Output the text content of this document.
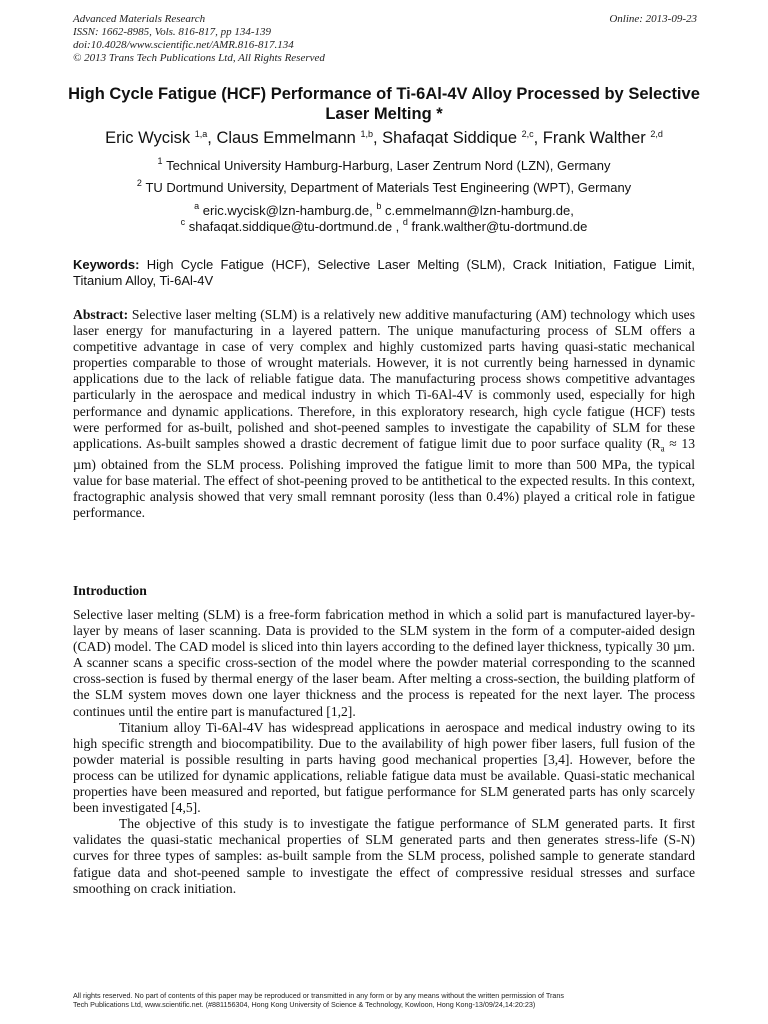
Advanced Materials Research
ISSN: 1662-8985, Vols. 816-817, pp 134-139
doi:10.4028/www.scientific.net/AMR.816-817.134
© 2013 Trans Tech Publications Ltd, All Rights Reserved
Online: 2013-09-23
High Cycle Fatigue (HCF) Performance of Ti-6Al-4V Alloy Processed by Selective Laser Melting *
Eric Wycisk $^{1,a}$, Claus Emmelmann $^{1,b}$, Shafaqat Siddique $^{2,c}$, Frank Walther $^{2,d}$
$^1$ Technical University Hamburg-Harburg, Laser Zentrum Nord (LZN), Germany
$^2$ TU Dortmund University, Department of Materials Test Engineering (WPT), Germany
$^a$ eric.wycisk@lzn-hamburg.de, $^b$ c.emmelmann@lzn-hamburg.de,
$^c$ shafaqat.siddique@tu-dortmund.de , $^d$ frank.walther@tu-dortmund.de
Keywords: High Cycle Fatigue (HCF), Selective Laser Melting (SLM), Crack Initiation, Fatigue Limit, Titanium Alloy, Ti-6Al-4V
Abstract: Selective laser melting (SLM) is a relatively new additive manufacturing (AM) technology which uses laser energy for manufacturing in a layered pattern. The unique manufacturing process of SLM offers a competitive advantage in case of very complex and highly customized parts having quasi-static mechanical properties comparable to those of wrought materials. However, it is not currently being harnessed in dynamic applications due to the lack of reliable fatigue data. The manufacturing process shows competitive advantages particularly in the aerospace and medical industry in which Ti-6Al-4V is commonly used, especially for high performance and dynamic applications. Therefore, in this exploratory research, high cycle fatigue (HCF) tests were performed for as-built, polished and shot-peened samples to investigate the capability of SLM for these applications. As-built samples showed a drastic decrement of fatigue limit due to poor surface quality ($R_a \approx 13$ µm) obtained from the SLM process. Polishing improved the fatigue limit to more than 500 MPa, the typical value for base material. The effect of shot-peening proved to be antithetical to the expected results. In this context, fractographic analysis showed that very small remnant porosity (less than 0.4%) played a critical role in fatigue performance.
Introduction

Selective laser melting (SLM) is a free-form fabrication method in which a solid part is manufactured layer-by-layer by means of laser scanning. Data is provided to the SLM system in the form of a computer-aided design (CAD) model. The CAD model is sliced into thin layers according to the defined layer thickness, typically 30 µm. A scanner scans a specific cross-section of the model where the powder material corresponding to the scanned cross-section is fused by thermal energy of the laser beam. After melting a cross-section, the building platform of the SLM system moves down one layer thickness and the process is repeated for the next layer. The process continues until the entire part is manufactured [1,2].

Titanium alloy Ti-6Al-4V has widespread applications in aerospace and medical industry owing to its high specific strength and biocompatibility. Due to the availability of high power fiber lasers, full fusion of the powder material is possible resulting in parts having good mechanical properties [3,4]. However, before the process can be utilized for dynamic applications, reliable fatigue data must be available. Quasi-static mechanical properties have been measured and reported, but fatigue performance for SLM generated parts has only scarcely been investigated [4,5].

The objective of this study is to investigate the fatigue performance of SLM generated parts. It first validates the quasi-static mechanical properties of SLM generated parts and then generates stress-life (S-N) curves for three types of samples: as-built sample from the SLM process, polished sample to generate standard fatigue data and shot-peened sample to investigate the effect of compressive residual stresses and surface smoothing on crack initiation.

All rights reserved. No part of contents of this paper may be reproduced or transmitted in any form or by any means without the written permission of Trans
Tech Publications Ltd, www.scientific.net. (#881156304, Hong Kong University of Science & Technology, Kowloon, Hong Kong-13/09/24,14:20:23)
